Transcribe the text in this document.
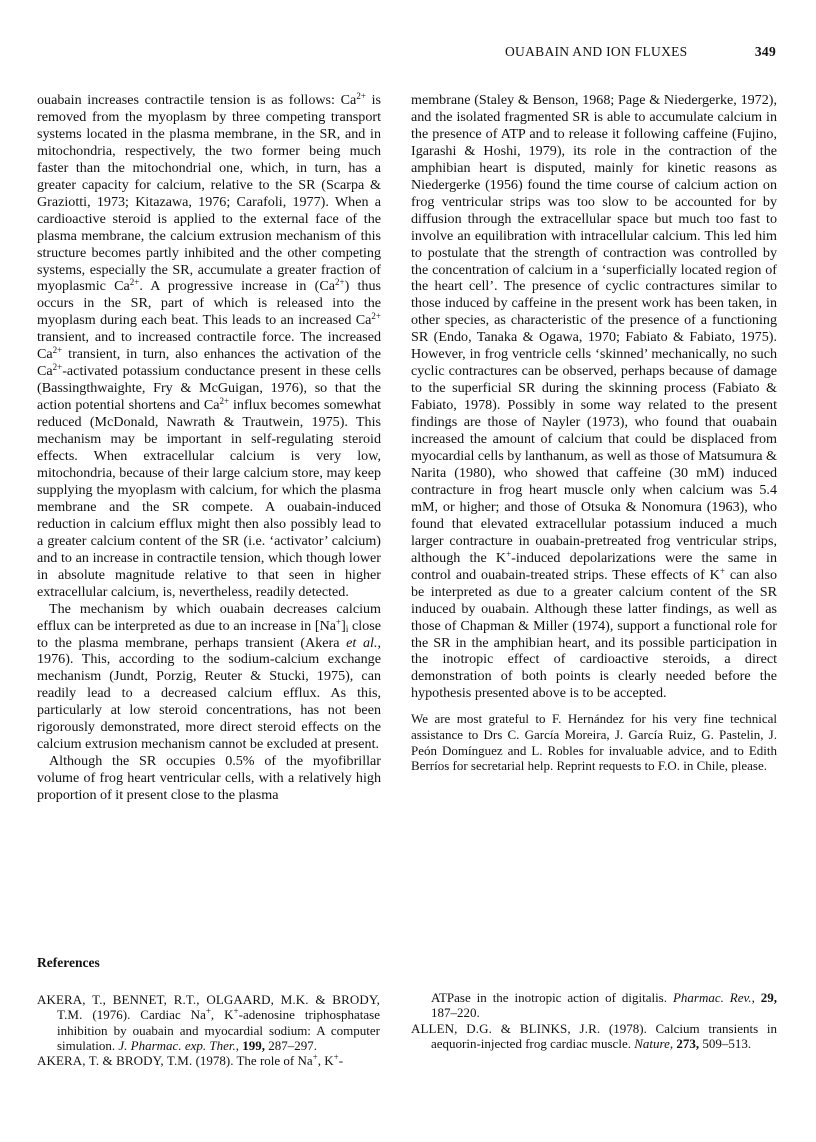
OUABAIN AND ION FLUXES	349

ouabain increases contractile tension is as follows: $Ca^{2+}$ is removed from the myoplasm by three competing transport systems located in the plasma membrane, in the SR, and in mitochondria, respectively, the two former being much faster than the mitochondrial one, which, in turn, has a greater capacity for calcium, relative to the SR (Scarpa & Graziotti, 1973; Kitazawa, 1976; Carafoli, 1977). When a cardioactive steroid is applied to the external face of the plasma membrane, the calcium extrusion mechanism of this structure becomes partly inhibited and the other competing systems, especially the SR, accumulate a greater fraction of myoplasmic $Ca^{2+}$. A progressive increase in $(Ca^{2+})$ thus occurs in the SR, part of which is released into the myoplasm during each beat. This leads to an increased $Ca^{2+}$ transient, and to increased contractile force. The increased $Ca^{2+}$ transient, in turn, also enhances the activation of the $Ca^{2+}$-activated potassium conductance present in these cells (Bassingthwaighte, Fry & McGuigan, 1976), so that the action potential shortens and $Ca^{2+}$ influx becomes somewhat reduced (McDonald, Nawrath & Trautwein, 1975). This mechanism may be important in self-regulating steroid effects. When extracellular calcium is very low, mitochondria, because of their large calcium store, may keep supplying the myoplasm with calcium, for which the plasma membrane and the SR compete. A ouabain-induced reduction in calcium efflux might then also possibly lead to a greater calcium content of the SR (i.e. ‘activator’ calcium) and to an increase in contractile tension, which though lower in absolute magnitude relative to that seen in higher extracellular calcium, is, nevertheless, readily detected.

The mechanism by which ouabain decreases calcium efflux can be interpreted as due to an increase in $[Na^+]_i$ close to the plasma membrane, perhaps transient (Akera et al., 1976). This, according to the sodium-calcium exchange mechanism (Jundt, Porzig, Reuter & Stucki, 1975), can readily lead to a decreased calcium efflux. As this, particularly at low steroid concentrations, has not been rigorously demonstrated, more direct steroid effects on the calcium extrusion mechanism cannot be excluded at present.

Although the SR occupies 0.5% of the myofibrillar volume of frog heart ventricular cells, with a relatively high proportion of it present close to the plasma

membrane (Staley & Benson, 1968; Page & Niedergerke, 1972), and the isolated fragmented SR is able to accumulate calcium in the presence of ATP and to release it following caffeine (Fujino, Igarashi & Hoshi, 1979), its role in the contraction of the amphibian heart is disputed, mainly for kinetic reasons as Niedergerke (1956) found the time course of calcium action on frog ventricular strips was too slow to be accounted for by diffusion through the extracellular space but much too fast to involve an equilibration with intracellular calcium. This led him to postulate that the strength of contraction was controlled by the concentration of calcium in a ‘superficially located region of the heart cell’. The presence of cyclic contractures similar to those induced by caffeine in the present work has been taken, in other species, as characteristic of the presence of a functioning SR (Endo, Tanaka & Ogawa, 1970; Fabiato & Fabiato, 1975). However, in frog ventricle cells ‘skinned’ mechanically, no such cyclic contractures can be observed, perhaps because of damage to the superficial SR during the skinning process (Fabiato & Fabiato, 1978). Possibly in some way related to the present findings are those of Nayler (1973), who found that ouabain increased the amount of calcium that could be displaced from myocardial cells by lanthanum, as well as those of Matsumura & Narita (1980), who showed that caffeine (30 mM) induced contracture in frog heart muscle only when calcium was 5.4 mM, or higher; and those of Otsuka & Nonomura (1963), who found that elevated extracellular potassium induced a much larger contracture in ouabain-pretreated frog ventricular strips, although the K+-induced depolarizations were the same in control and ouabain-treated strips. These effects of K+ can also be interpreted as due to a greater calcium content of the SR induced by ouabain. Although these latter findings, as well as those of Chapman & Miller (1974), support a functional role for the SR in the amphibian heart, and its possible participation in the inotropic effect of cardioactive steroids, a direct demonstration of both points is clearly needed before the hypothesis presented above is to be accepted.

We are most grateful to F. Hernández for his very fine technical assistance to Drs C. García Moreira, J. García Ruiz, G. Pastelin, J. Peón Domínguez and L. Robles for invaluable advice, and to Edith Berríos for secretarial help. Reprint requests to F.O. in Chile, please.

References

AKERA, T., BENNET, R.T., OLGAARD, M.K. & BRODY, T.M. (1976). Cardiac Na+, K+-adenosine triphosphatase inhibition by ouabain and myocardial sodium: A computer simulation. J. Pharmac. exp. Ther., 199, 287–297.

AKERA, T. & BRODY, T.M. (1978). The role of Na+, K+-

ATPase in the inotropic action of digitalis. Pharmac. Rev., 29, 187–220.

ALLEN, D.G. & BLINKS, J.R. (1978). Calcium transients in aequorin-injected frog cardiac muscle. Nature, 273, 509–513.
